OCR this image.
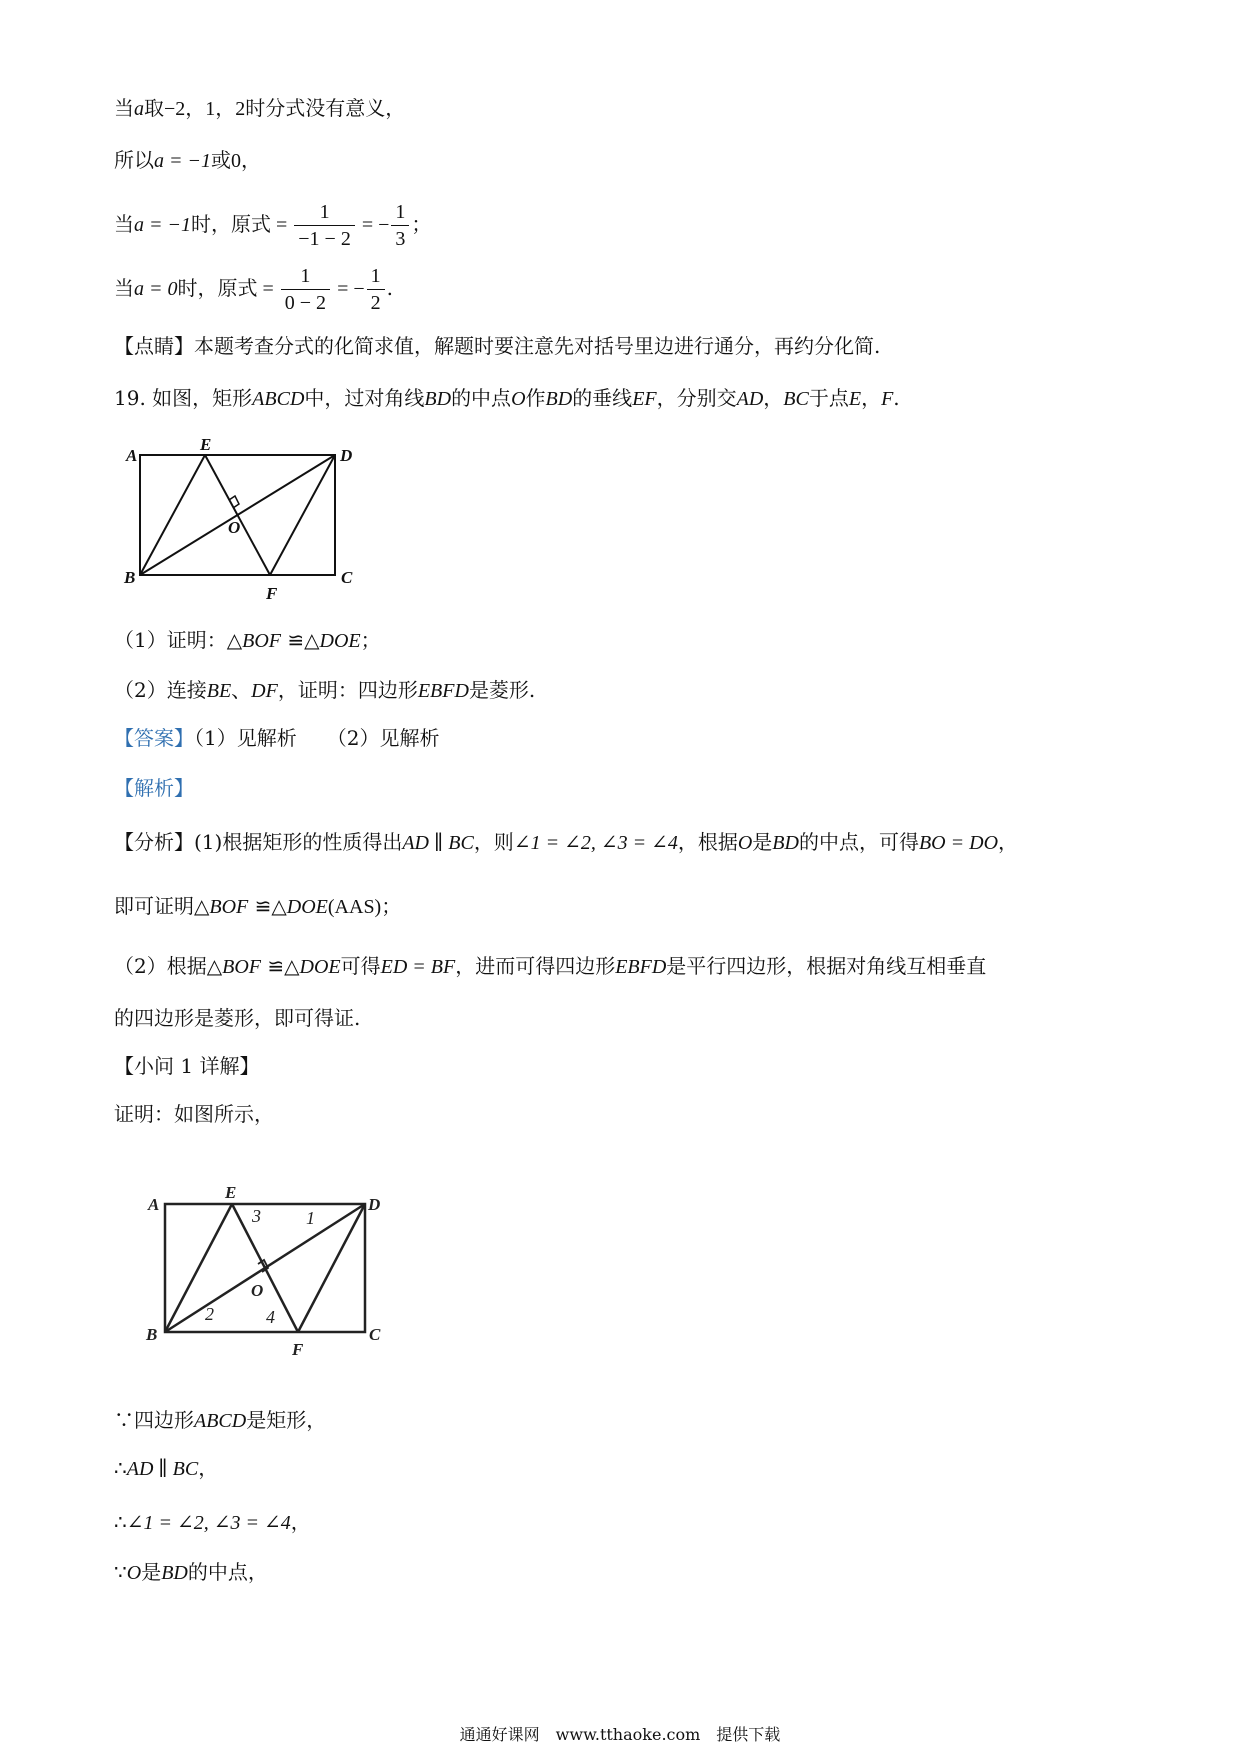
当a取−2，1，2时分式没有意义，
所以a = −1或0，
当a = −1时，原式 = $\frac{1}{-1 - 2}$ = − $\frac{1}{3}$ ；
当a = 0时，原式 = $\frac{1}{0 - 2}$ = − $\frac{1}{2}$ .
【点睛】本题考查分式的化简求值，解题时要注意先对括号里边进行通分，再约分化简.
19. 如图，矩形ABCD中，过对角线BD的中点O作BD的垂线EF，分别交AD，BC于点E，F.
A
E
D
O
B
F
C
（1）证明：△BOF ≌△DOE；
（2）连接BE、DF，证明：四边形EBFD是菱形.
【答案】（1）见解析　　（2）见解析
【解析】
【分析】(1)根据矩形的性质得出AD ∥ BC，则∠1 = ∠2, ∠3 = ∠4，根据O是BD的中点，可得BO = DO，
即可证明△BOF ≌△DOE(AAS)；
（2）根据△BOF ≌△DOE可得ED = BF，进而可得四边形EBFD是平行四边形，根据对角线互相垂直
的四边形是菱形，即可得证.
【小问 1 详解】
证明：如图所示，
A
E
D
O
B
F
C
1
3
2	4
∵四边形ABCD是矩形，
∴AD ∥ BC，
∴∠1 = ∠2, ∠3 = ∠4，
∵O是BD的中点，
通通好课网　www.tthaoke.com　提供下载
